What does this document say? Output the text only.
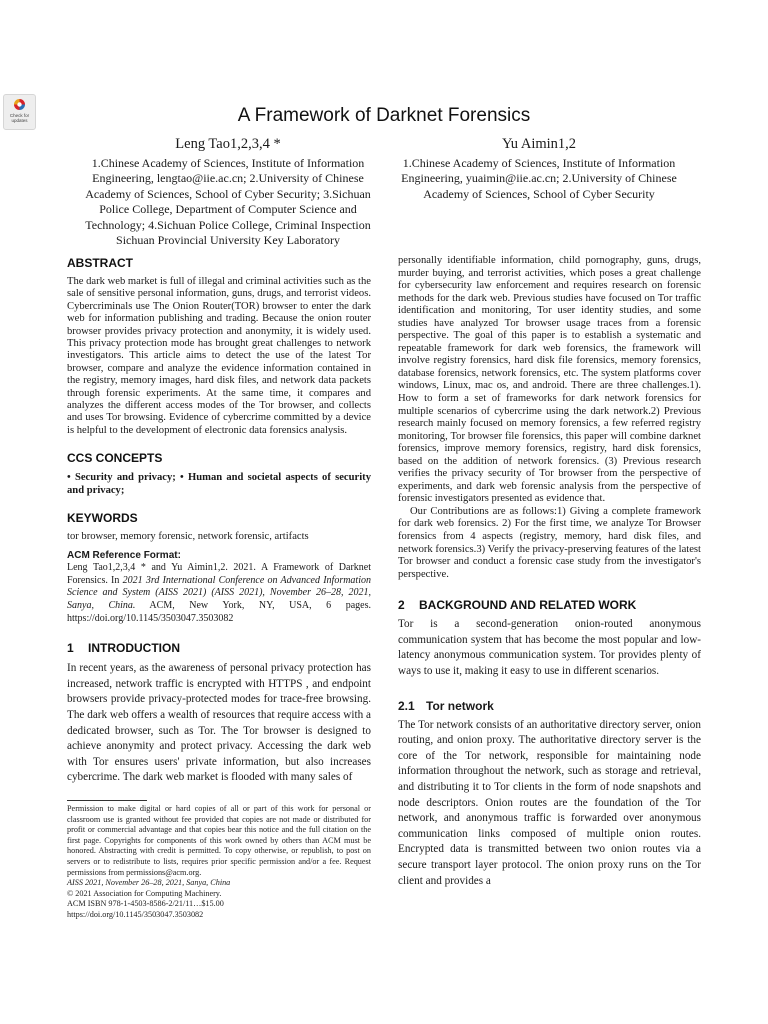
Check for
updates	A Framework of Darknet Forensics
Leng Tao1,2,3,4 *
1.Chinese Academy of Sciences, Institute of Information
Engineering, lengtao@iie.ac.cn; 2.University of Chinese
Academy of Sciences, School of Cyber Security; 3.Sichuan
Police College, Department of Computer Science and
Technology; 4.Sichuan Police College, Criminal Inspection
Sichuan Provincial University Key Laboratory
Yu Aimin1,2
1.Chinese Academy of Sciences, Institute of Information
Engineering, yuaimin@iie.ac.cn; 2.University of Chinese
Academy of Sciences, School of Cyber Security
ABSTRACT

The dark web market is full of illegal and criminal activities such as the sale of sensitive personal information, guns, drugs, and terrorist videos. Cybercriminals use The Onion Router(TOR) browser to enter the dark web for information publishing and trading. Because the onion router browser provides privacy protection and anonymity, it is widely used. This privacy protection mode has brought great challenges to network investigators. This article aims to detect the use of the latest Tor browser, compare and analyze the evidence information contained in the registry, memory images, hard disk files, and network data packets through forensic experiments. At the same time, it compares and analyzes the different access modes of the Tor browser, and collects and uses Tor browsing. Evidence of cybercrime committed by a device is helpful to the development of electronic data forensics analysis.

CCS CONCEPTS

• Security and privacy; • Human and societal aspects of security and privacy;

KEYWORDS

tor browser, memory forensic, network forensic, artifacts

ACM Reference Format:

Leng Tao1,2,3,4 * and Yu Aimin1,2. 2021. A Framework of Darknet Forensics. In 2021 3rd International Conference on Advanced Information Science and System (AISS 2021) (AISS 2021), November 26–28, 2021, Sanya, China. ACM, New York, NY, USA, 6 pages. https://doi.org/10.1145/3503047.3503082

1 INTRODUCTION

In recent years, as the awareness of personal privacy protection has increased, network traffic is encrypted with HTTPS , and endpoint browsers provide privacy-protected modes for trace-free browsing. The dark web offers a wealth of resources that require access with a dedicated browser, such as Tor. The Tor browser is designed to achieve anonymity and protect privacy. Accessing the dark web with Tor ensures users' private information, but also increases cybercrime. The dark web market is flooded with many sales of

Permission to make digital or hard copies of all or part of this work for personal or classroom use is granted without fee provided that copies are not made or distributed for profit or commercial advantage and that copies bear this notice and the full citation on the first page. Copyrights for components of this work owned by others than ACM must be honored. Abstracting with credit is permitted. To copy otherwise, or republish, to post on servers or to redistribute to lists, requires prior specific permission and/or a fee. Request permissions from permissions@acm.org.

AISS 2021, November 26–28, 2021, Sanya, China

© 2021 Association for Computing Machinery.

ACM ISBN 978-1-4503-8586-2/21/11…$15.00

https://doi.org/10.1145/3503047.3503082

personally identifiable information, child pornography, guns, drugs, murder buying, and terrorist activities, which poses a great challenge for cybersecurity law enforcement and requires research on forensic methods for the dark web. Previous studies have focused on Tor traffic identification and monitoring, Tor user identity studies, and some studies have analyzed Tor browser usage traces from a forensic perspective. The goal of this paper is to establish a systematic and repeatable framework for dark web forensics, the framework will involve registry forensics, hard disk file forensics, memory forensics, database forensics, network forensics, etc. The system platforms cover windows, Linux, mac os, and android. There are three challenges.1). How to form a set of frameworks for dark network forensics for multiple scenarios of cybercrime using the dark network.2) Previous research mainly focused on memory forensics, a few referred registry monitoring, Tor browser file forensics, this paper will combine darknet forensics, improve memory forensics, registry, hard disk forensics, based on the addition of network forensics. (3) Previous research verifies the privacy security of Tor browser from the perspective of experiments, and dark web forensic analysis from the perspective of forensic investigators presented as evidence that.

Our Contributions are as follows:1) Giving a complete framework for dark web forensics. 2) For the first time, we analyze Tor Browser forensics from 4 aspects (registry, memory, hard disk files, and network forensics.3) Verify the privacy-preserving features of the latest Tor browser and conduct a forensic case study from the investigator's perspective.

2 BACKGROUND AND RELATED WORK

Tor is a second-generation onion-routed anonymous communication system that has become the most popular and low-latency anonymous communication system. Tor provides plenty of ways to use it, making it easy to use in different scenarios.

2.1 Tor network

The Tor network consists of an authoritative directory server, onion routing, and onion proxy. The authoritative directory server is the core of the Tor network, responsible for maintaining node information throughout the network, such as storage and retrieval, and distributing it to Tor clients in the form of node snapshots and node descriptors. Onion routes are the foundation of the Tor network, and anonymous traffic is forwarded over anonymous communication links composed of multiple onion routes. Encrypted data is transmitted between two onion routes via a secure transport layer protocol. The onion proxy runs on the Tor client and provides a
